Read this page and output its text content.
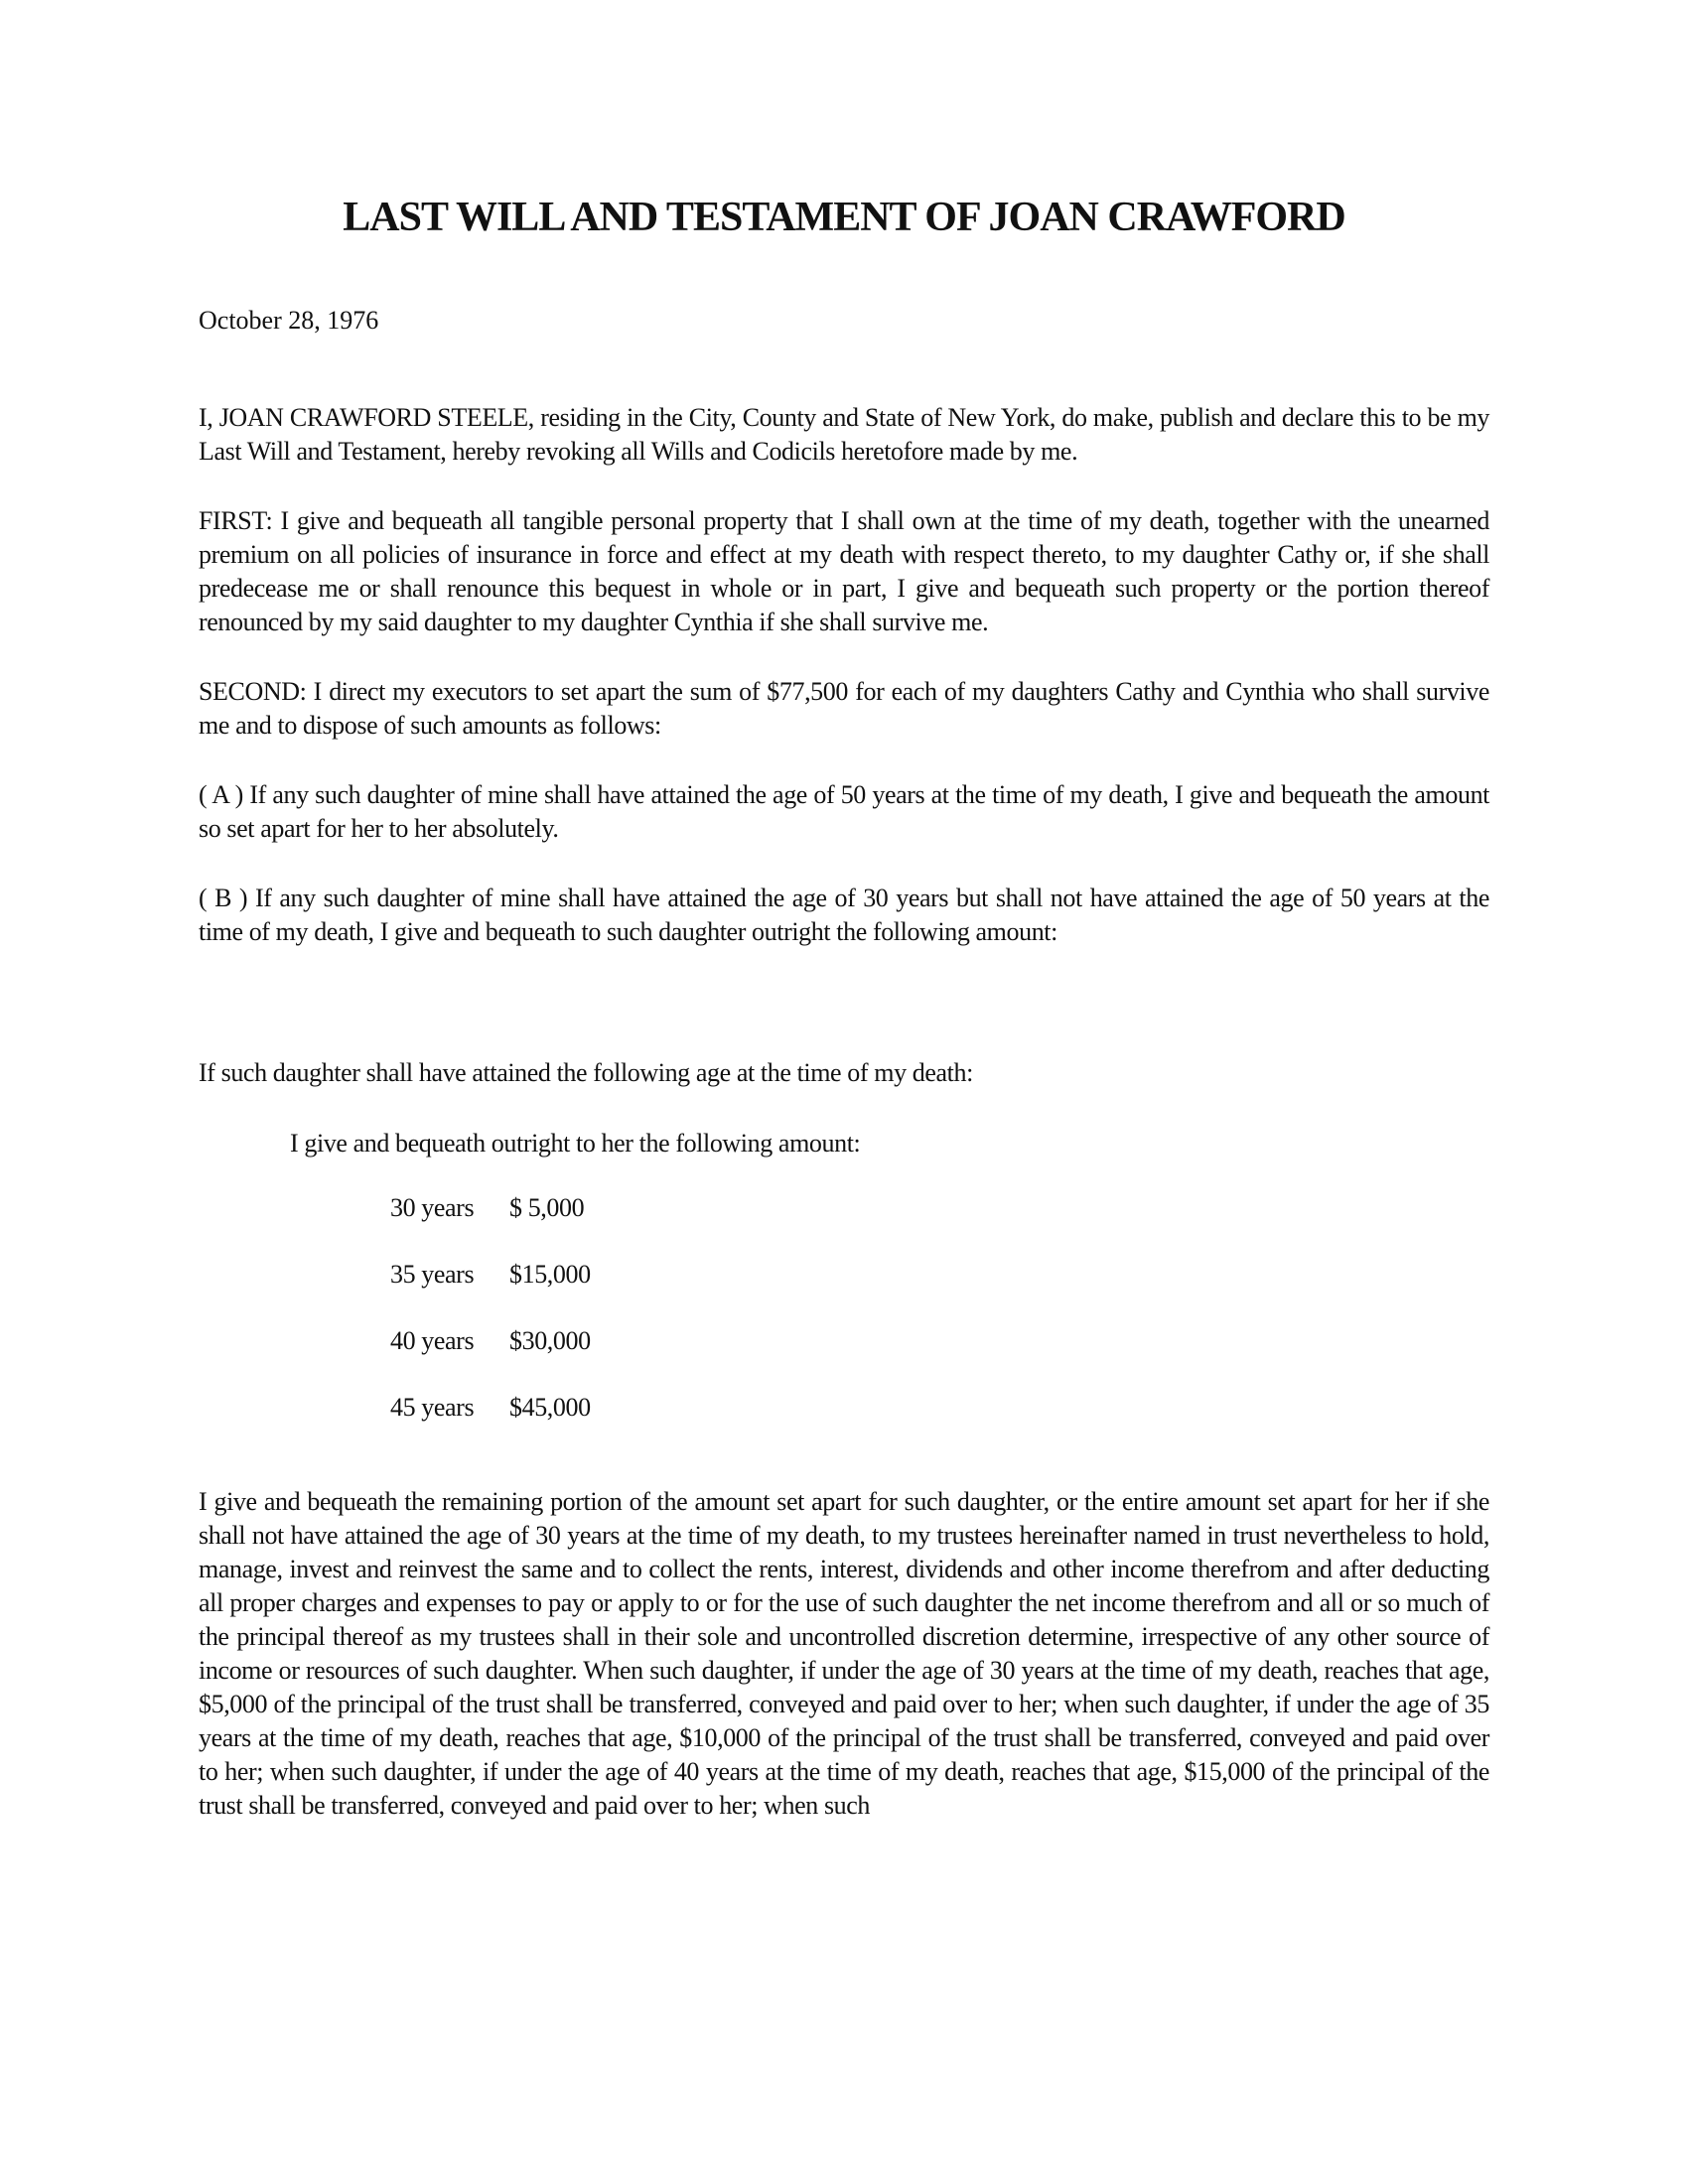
LAST WILL AND TESTAMENT OF JOAN CRAWFORD

October 28, 1976

I, JOAN CRAWFORD STEELE, residing in the City, County and State of New York, do make, publish and declare this to be my Last Will and Testament, hereby revoking all Wills and Codicils heretofore made by me.

FIRST: I give and bequeath all tangible personal property that I shall own at the time of my death, together with the unearned premium on all policies of insurance in force and effect at my death with respect thereto, to my daughter Cathy or, if she shall predecease me or shall renounce this bequest in whole or in part, I give and bequeath such property or the portion thereof renounced by my said daughter to my daughter Cynthia if she shall survive me.

SECOND: I direct my executors to set apart the sum of $77,500 for each of my daughters Cathy and Cynthia who shall survive me and to dispose of such amounts as follows:

( A ) If any such daughter of mine shall have attained the age of 50 years at the time of my death, I give and bequeath the amount so set apart for her to her absolutely.

( B ) If any such daughter of mine shall have attained the age of 30 years but shall not have attained the age of 50 years at the time of my death, I give and bequeath to such daughter outright the following amount:

If such daughter shall have attained the following age at the time of my death:

I give and bequeath outright to her the following amount:

30 years	$ 5,000
35 years	$15,000
40 years	$30,000
45 years	$45,000

I give and bequeath the remaining portion of the amount set apart for such daughter, or the entire amount set apart for her if she shall not have attained the age of 30 years at the time of my death, to my trustees hereinafter named in trust nevertheless to hold, manage, invest and reinvest the same and to collect the rents, interest, dividends and other income therefrom and after deducting all proper charges and expenses to pay or apply to or for the use of such daughter the net income therefrom and all or so much of the principal thereof as my trustees shall in their sole and uncontrolled discretion determine, irrespective of any other source of income or resources of such daughter. When such daughter, if under the age of 30 years at the time of my death, reaches that age, $5,000 of the principal of the trust shall be transferred, conveyed and paid over to her; when such daughter, if under the age of 35 years at the time of my death, reaches that age, $10,000 of the principal of the trust shall be transferred, conveyed and paid over to her; when such daughter, if under the age of 40 years at the time of my death, reaches that age, $15,000 of the principal of the trust shall be transferred, conveyed and paid over to her; when such
